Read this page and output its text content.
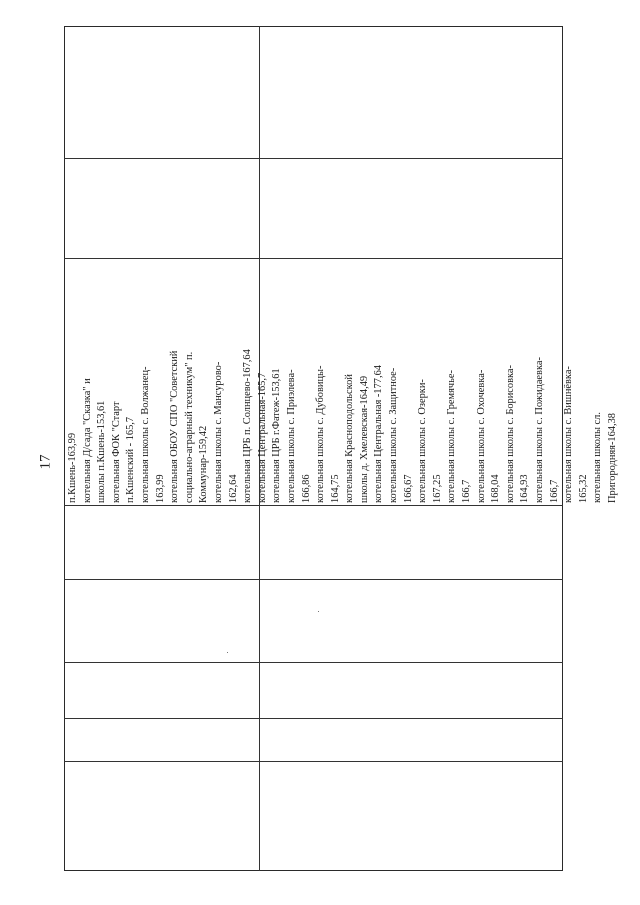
17 п.Кшень-163,99 котельная Д/сада "Сказка" и школы п.Кшень-153,61 котельная ФОК "Старт п.Кшенский - 165,7 котельная школы с. Волжанец- 163,99 котельная ОБОУ СПО "Советский социально-аграрный техникум" п. Коммунар-159,42 котельная школы с. Мансурово- 162,64 котельная ЦРБ п. Солнцево-167,64 котельная Центральная-165,7 котельная ЦРБ г.Фатеж-153,61 котельная школы с. Приэлева- 166,86 котельная школы с. Дубовицы- 164,75 котельная Красноподольской школы д. Хмелевская-164,49 котельная Центральная -177,64 котельная школы с. Защитное- 166,67 котельная школы с. Озерки- 167,25 котельная школы с. Гремячье- 166,7 котельная школы с. Охочевка- 168,04 котельная школы с. Борисовка- 164,93 котельная школы с. Пожидаевка- 166,7 котельная школы с. Вишнёвка- 165,32 котельная школы сл. Пригородняя-164,38
